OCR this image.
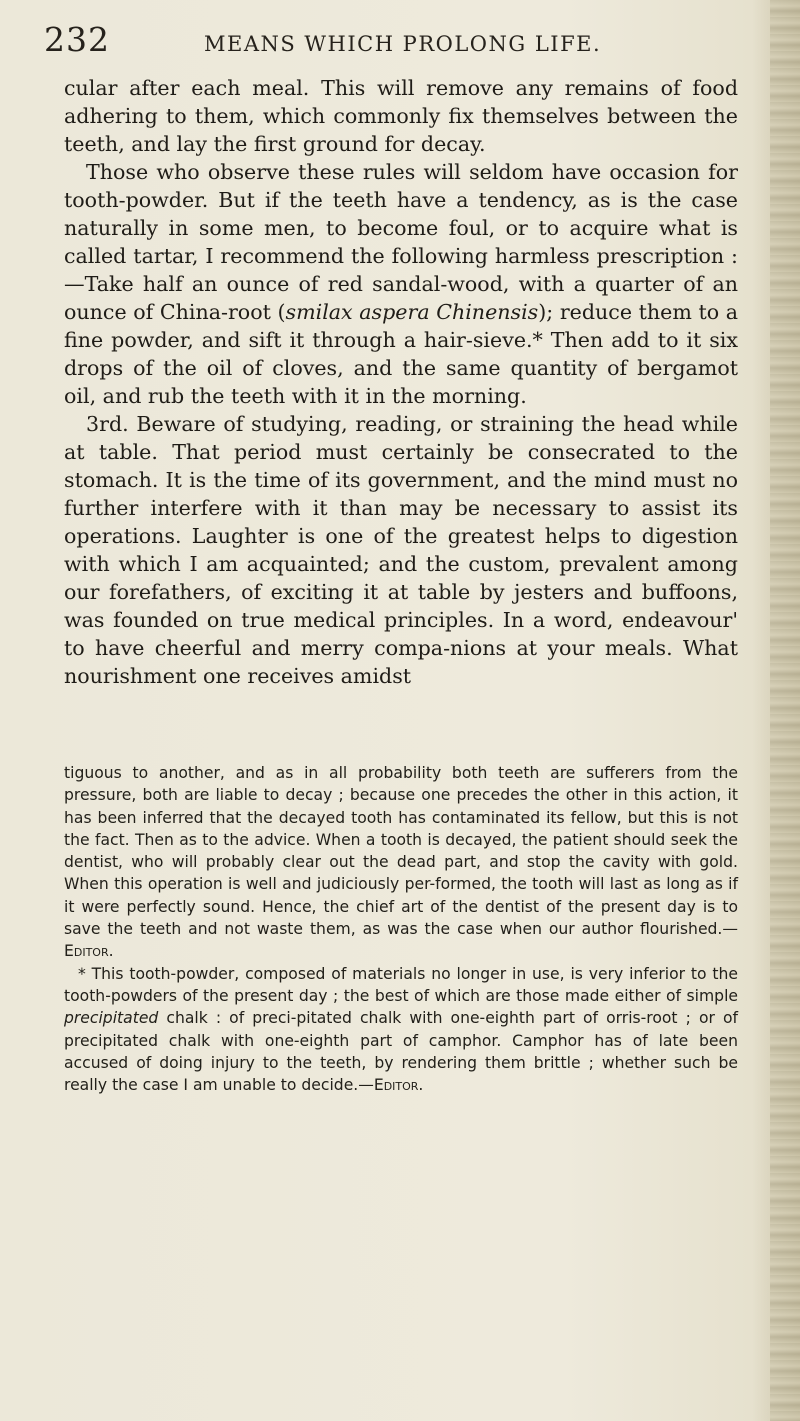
232	MEANS WHICH PROLONG LIFE.

cular after each meal. This will remove any remains of food adhering to them, which commonly fix themselves between the teeth, and lay the first ground for decay.

Those who observe these rules will seldom have occasion for tooth-powder. But if the teeth have a tendency, as is the case naturally in some men, to become foul, or to acquire what is called tartar, I recommend the following harmless prescription :—Take half an ounce of red sandal-wood, with a quarter of an ounce of China-root (smilax aspera Chinensis); reduce them to a fine powder, and sift it through a hair-sieve.* Then add to it six drops of the oil of cloves, and the same quantity of bergamot oil, and rub the teeth with it in the morning.

3rd. Beware of studying, reading, or straining the head while at table. That period must certainly be consecrated to the stomach. It is the time of its government, and the mind must no further interfere with it than may be necessary to assist its operations. Laughter is one of the greatest helps to digestion with which I am acquainted; and the custom, prevalent among our forefathers, of exciting it at table by jesters and buffoons, was founded on true medical principles. In a word, endeavour' to have cheerful and merry compa-nions at your meals. What nourishment one receives amidst

tiguous to another, and as in all probability both teeth are sufferers from the pressure, both are liable to decay ; because one precedes the other in this action, it has been inferred that the decayed tooth has contaminated its fellow, but this is not the fact. Then as to the advice. When a tooth is decayed, the patient should seek the dentist, who will probably clear out the dead part, and stop the cavity with gold. When this operation is well and judiciously per-formed, the tooth will last as long as if it were perfectly sound. Hence, the chief art of the dentist of the present day is to save the teeth and not waste them, as was the case when our author flourished.—Editor.

* This tooth-powder, composed of materials no longer in use, is very inferior to the tooth-powders of the present day ; the best of which are those made either of simple precipitated chalk : of preci-pitated chalk with one-eighth part of orris-root ; or of precipitated chalk with one-eighth part of camphor. Camphor has of late been accused of doing injury to the teeth, by rendering them brittle ; whether such be really the case I am unable to decide.—Editor.
